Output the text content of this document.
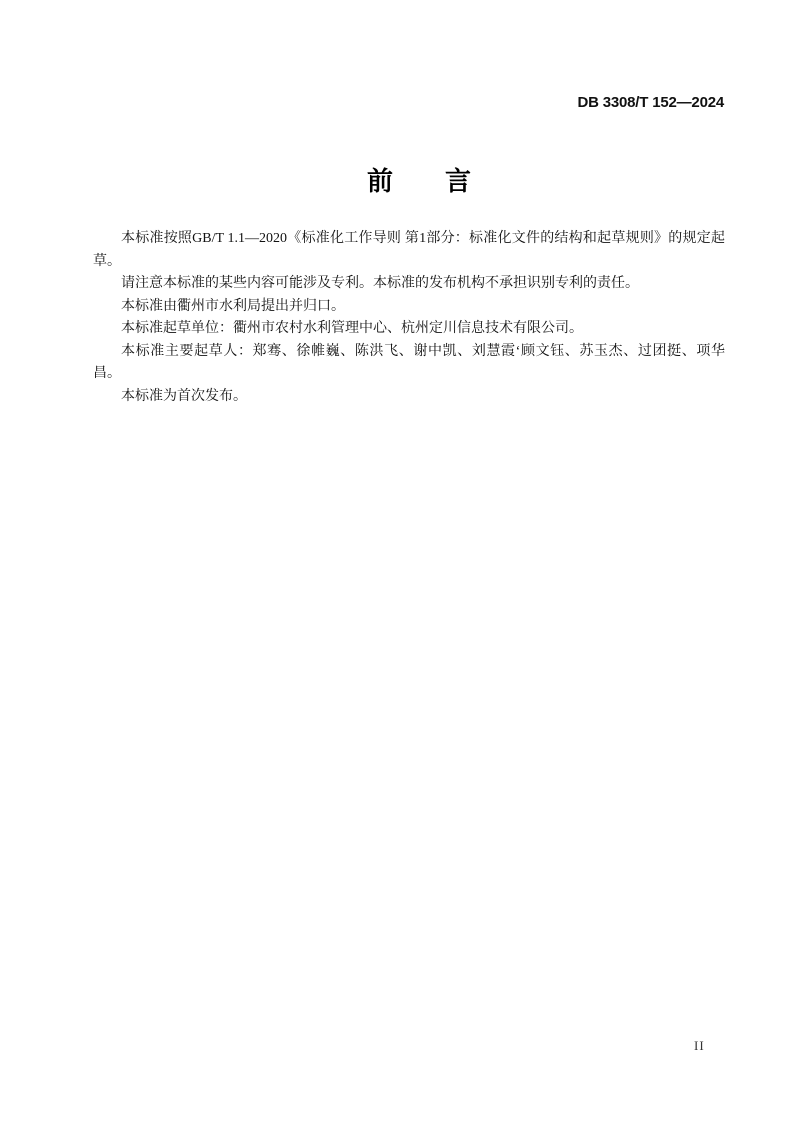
DB 3308/T 152—2024
前　　言

本标准按照GB/T 1.1—2020《标准化工作导则 第1部分：标准化文件的结构和起草规则》的规定起草。

请注意本标准的某些内容可能涉及专利。本标准的发布机构不承担识别专利的责任。

本标准由衢州市水利局提出并归口。

本标准起草单位：衢州市农村水利管理中心、杭州定川信息技术有限公司。

本标准主要起草人：郑骞、徐帷巍、陈洪飞、谢中凯、刘慧霞‘顾文钰、苏玉杰、过团挺、项华昌。

本标准为首次发布。

II
